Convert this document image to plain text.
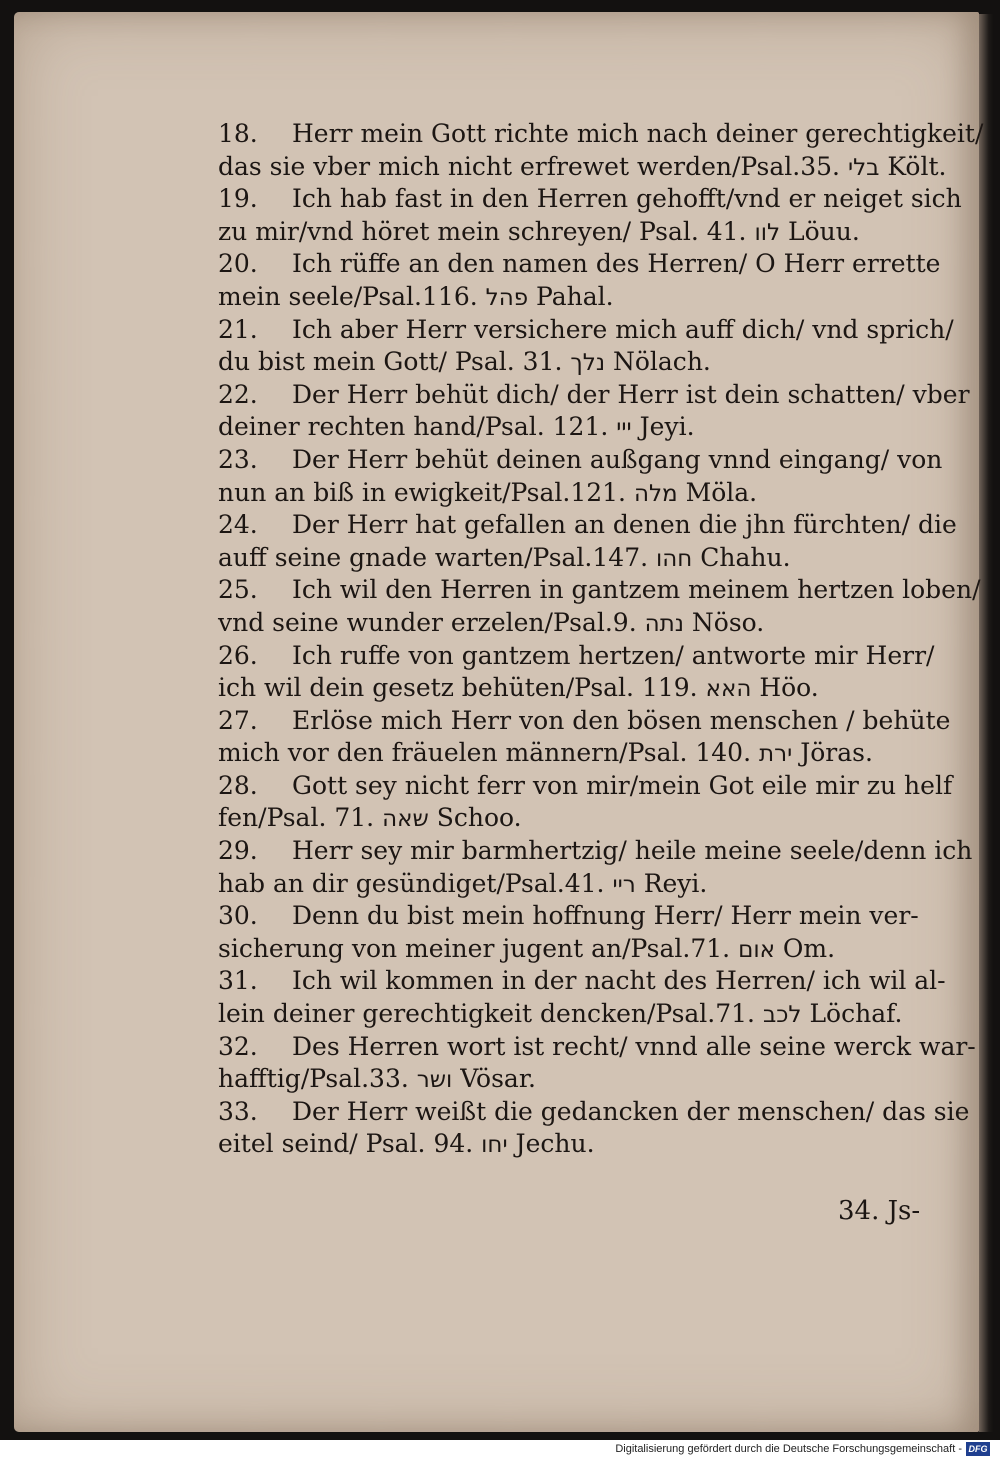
18.	Herr mein Gott richte mich nach deiner gerechtigkeit/
das sie vber mich nicht erfrewet werden/Psal.35. בלי Költ.
19.	Ich hab fast in den Herren gehofft/vnd er neiget sich
zu mir/vnd höret mein schreyen/ Psal. 41. לוו Löuu.
20.	Ich rüffe an den namen des Herren/ O Herr errette
mein seele/Psal.116. פהל Pahal.
21.	Ich aber Herr versichere mich auff dich/ vnd sprich/
du bist mein Gott/ Psal. 31. נלך Nölach.
22.	Der Herr behüt dich/ der Herr ist dein schatten/ vber
deiner rechten hand/Psal. 121. ייי Jeyi.
23.	Der Herr behüt deinen außgang vnnd eingang/ von
nun an biß in ewigkeit/Psal.121. מלה Möla.
24.	Der Herr hat gefallen an denen die jhn fürchten/ die
auff seine gnade warten/Psal.147. חהו Chahu.
25.	Ich wil den Herren in gantzem meinem hertzen loben/
vnd seine wunder erzelen/Psal.9. נתה Nöso.
26.	Ich ruffe von gantzem hertzen/ antworte mir Herr/
ich wil dein gesetz behüten/Psal. 119. האא Höo.
27.	Erlöse mich Herr von den bösen menschen / behüte
mich vor den fräuelen männern/Psal. 140. ירת Jöras.
28.	Gott sey nicht ferr von mir/mein Got eile mir zu helf
fen/Psal. 71. שאה Schoo.
29.	Herr sey mir barmhertzig/ heile meine seele/denn ich
hab an dir gesündiget/Psal.41. ריי Reyi.
30.	Denn du bist mein hoffnung Herr/ Herr mein ver-
sicherung von meiner jugent an/Psal.71. אום Om.
31.	Ich wil kommen in der nacht des Herren/ ich wil al-
lein deiner gerechtigkeit dencken/Psal.71. לכב Löchaf.
32.	Des Herren wort ist recht/ vnnd alle seine werck war-
hafftig/Psal.33. ושר Vösar.
33.	Der Herr weißt die gedancken der menschen/ das sie
eitel seind/ Psal. 94. יחו Jechu.
34. Js-
Digitalisierung gefördert durch die Deutsche Forschungsgemeinschaft - DFG
